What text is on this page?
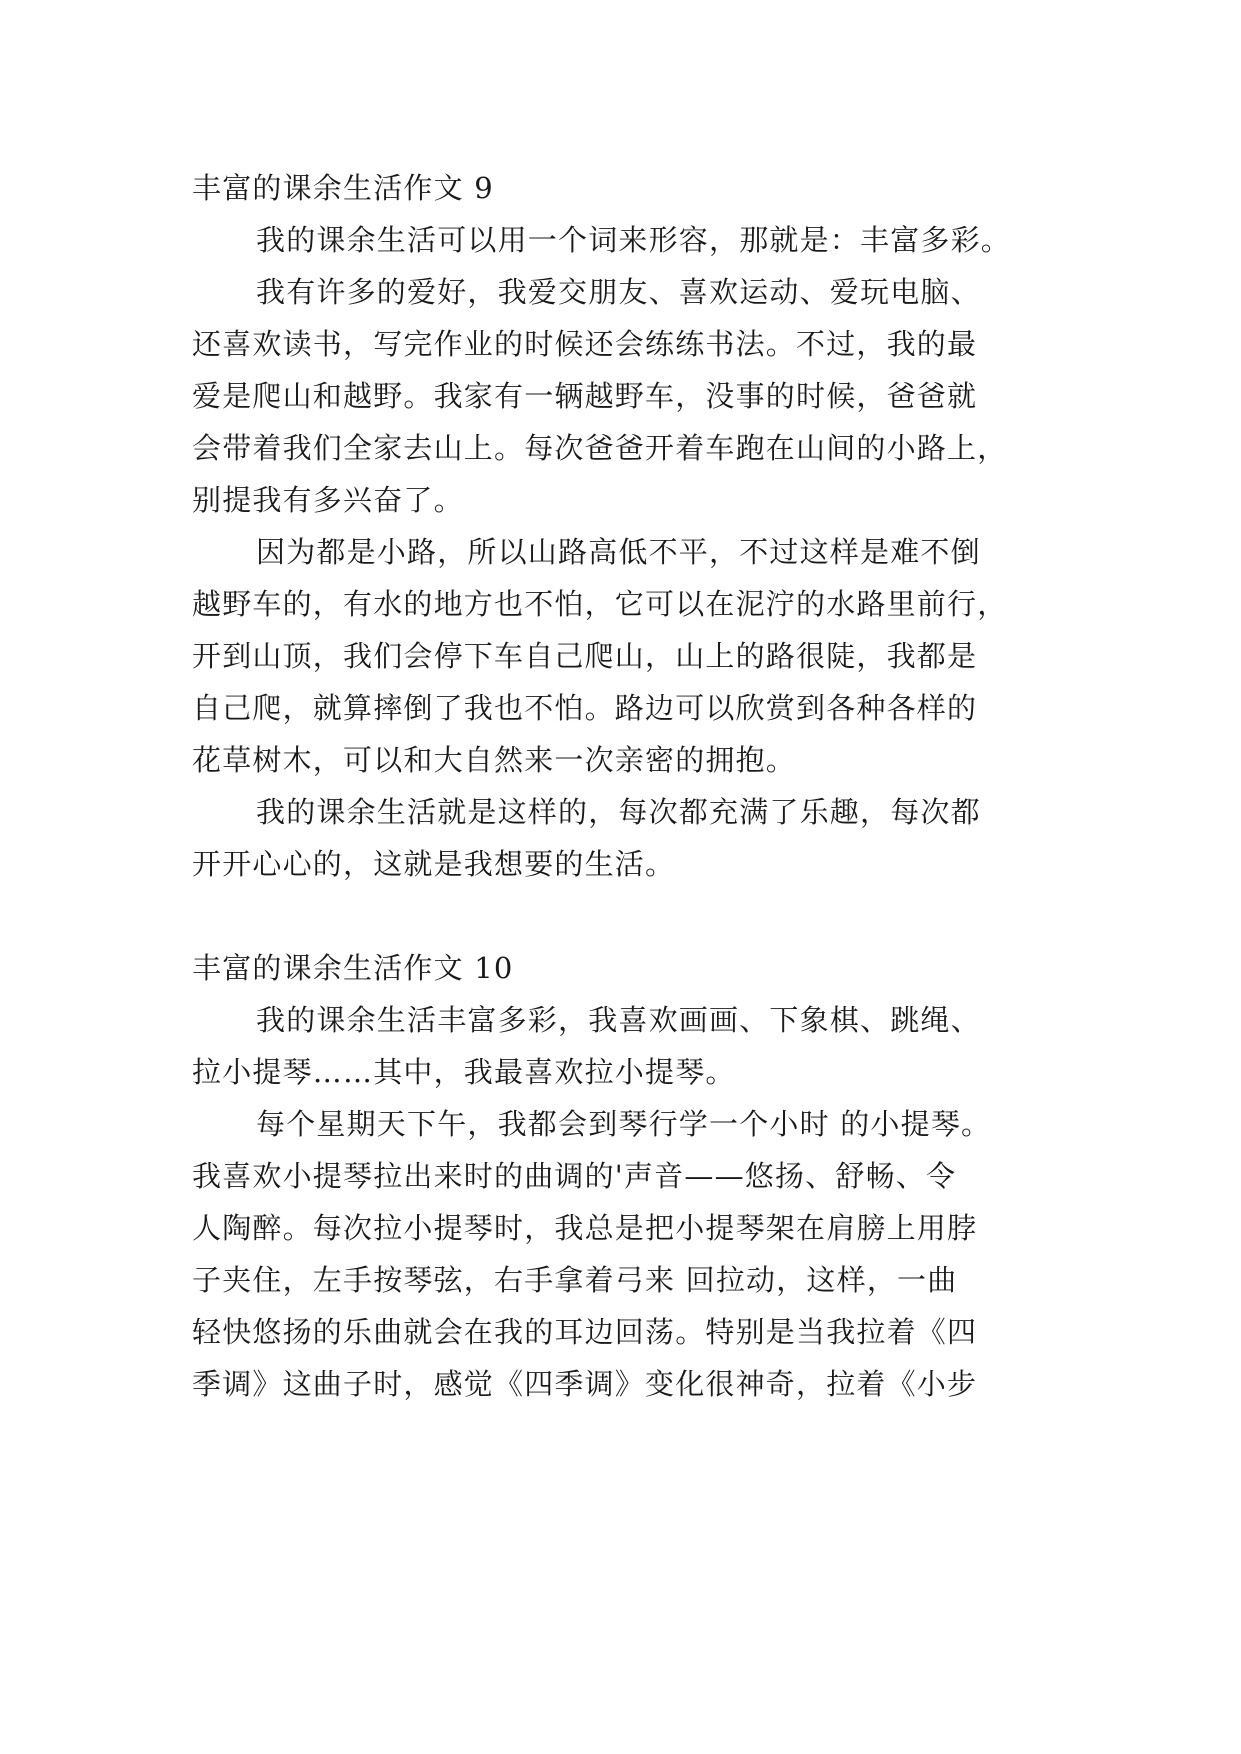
丰富的课余生活作文 9
我的课余生活可以用一个词来形容，那就是：丰富多彩。
我有许多的爱好，我爱交朋友、喜欢运动、爱玩电脑、
还喜欢读书，写完作业的时候还会练练书法。不过，我的最
爱是爬山和越野。我家有一辆越野车，没事的时候，爸爸就
会带着我们全家去山上。每次爸爸开着车跑在山间的小路上，
别提我有多兴奋了。
因为都是小路，所以山路高低不平，不过这样是难不倒
越野车的，有水的地方也不怕，它可以在泥泞的水路里前行，
开到山顶，我们会停下车自己爬山，山上的路很陡，我都是
自己爬，就算摔倒了我也不怕。路边可以欣赏到各种各样的
花草树木，可以和大自然来一次亲密的拥抱。
我的课余生活就是这样的，每次都充满了乐趣，每次都
开开心心的，这就是我想要的生活。
丰富的课余生活作文 10
我的课余生活丰富多彩，我喜欢画画、下象棋、跳绳、
拉小提琴……其中，我最喜欢拉小提琴。
每个星期天下午，我都会到琴行学一个小时 的小提琴。
我喜欢小提琴拉出来时的曲调的'声音——悠扬、舒畅、令
人陶醉。每次拉小提琴时，我总是把小提琴架在肩膀上用脖
子夹住，左手按琴弦，右手拿着弓来 回拉动，这样，一曲
轻快悠扬的乐曲就会在我的耳边回荡。特别是当我拉着《四
季调》这曲子时，感觉《四季调》变化很神奇，拉着《小步
